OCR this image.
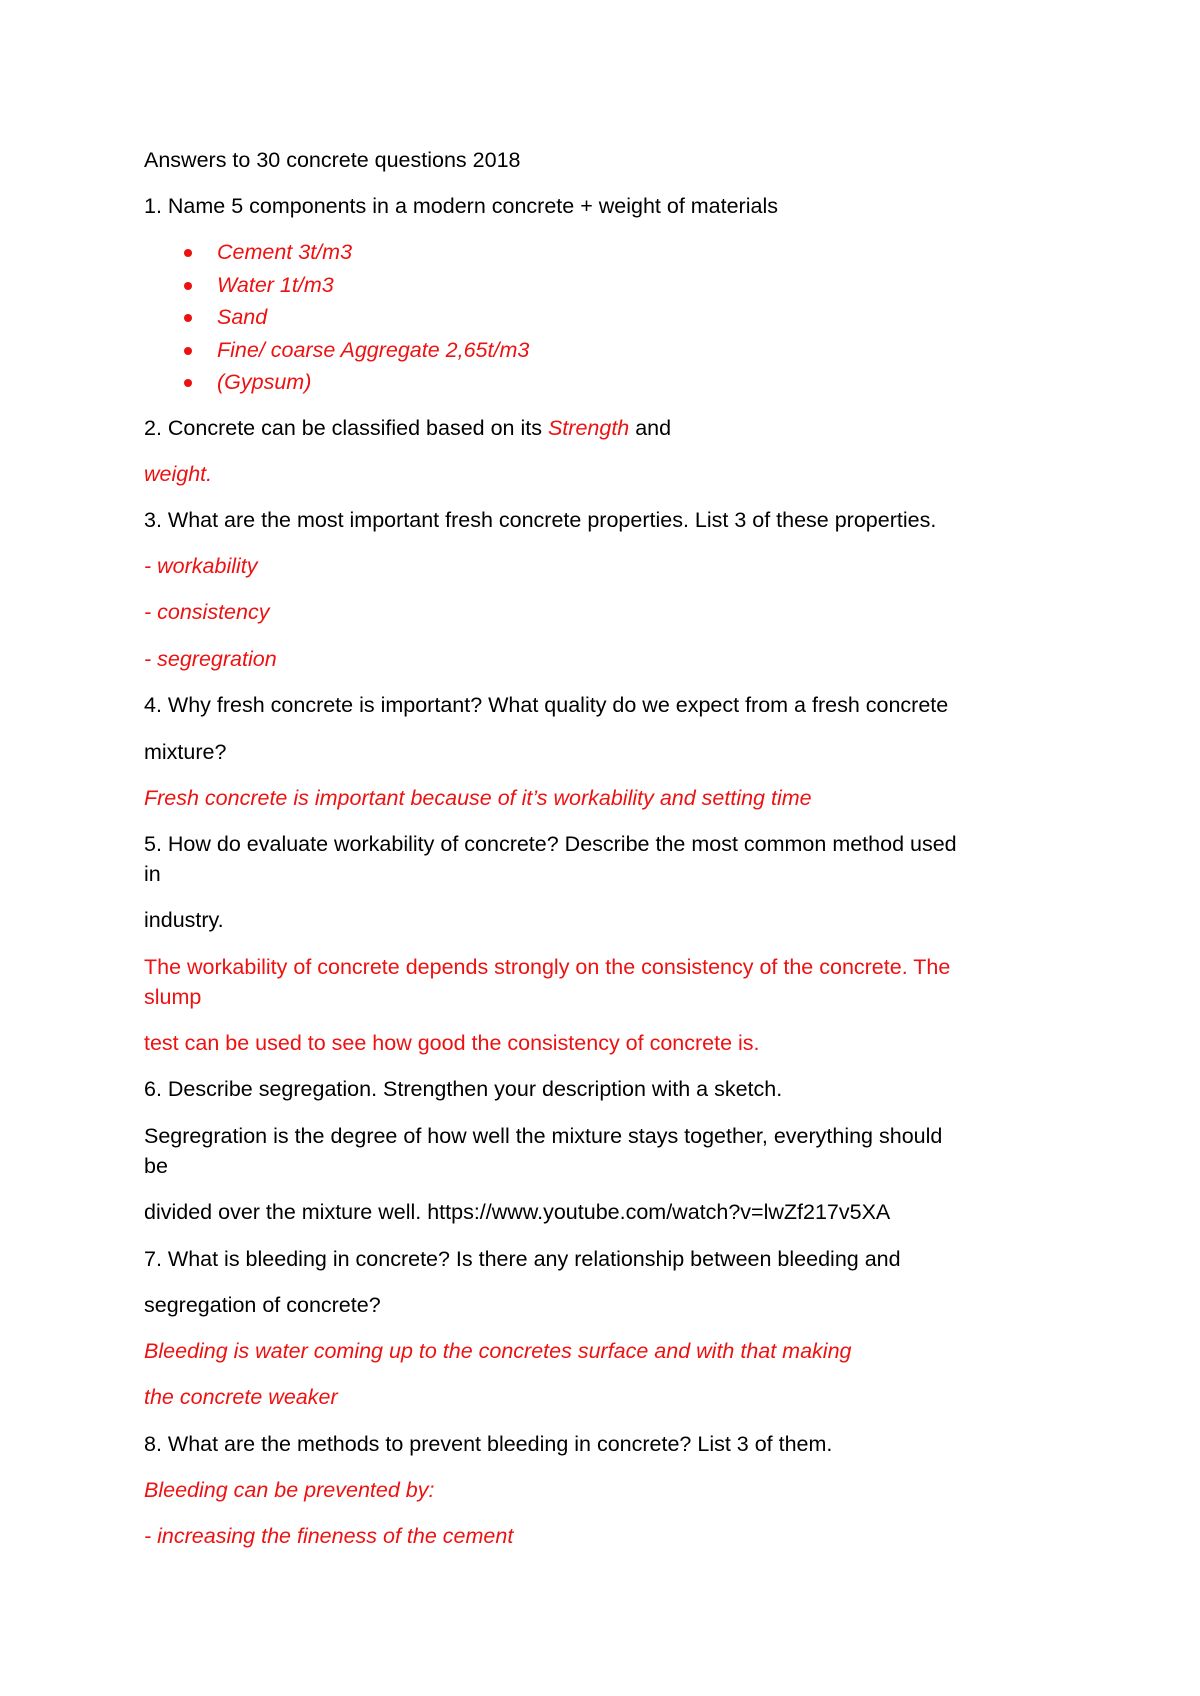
Answers to 30 concrete questions 2018
1. Name 5 components in a modern concrete + weight of materials
Cement 3t/m3
Water 1t/m3
Sand
Fine/ coarse Aggregate 2,65t/m3
(Gypsum)
2. Concrete can be classified based on its Strength and
weight.
3. What are the most important fresh concrete properties. List 3 of these properties.
- workability
- consistency
- segregration
4. Why fresh concrete is important? What quality do we expect from a fresh concrete
mixture?
Fresh concrete is important because of it’s workability and setting time
5. How do evaluate workability of concrete? Describe the most common method used
in
industry.
The workability of concrete depends strongly on the consistency of the concrete. The
slump
test can be used to see how good the consistency of concrete is.
6. Describe segregation. Strengthen your description with a sketch.
Segregration is the degree of how well the mixture stays together, everything should
be
divided over the mixture well. https://www.youtube.com/watch?v=lwZf217v5XA
7. What is bleeding in concrete? Is there any relationship between bleeding and
segregation of concrete?
Bleeding is water coming up to the concretes surface and with that making
the concrete weaker
8. What are the methods to prevent bleeding in concrete? List 3 of them.
Bleeding can be prevented by:
- increasing the fineness of the cement
